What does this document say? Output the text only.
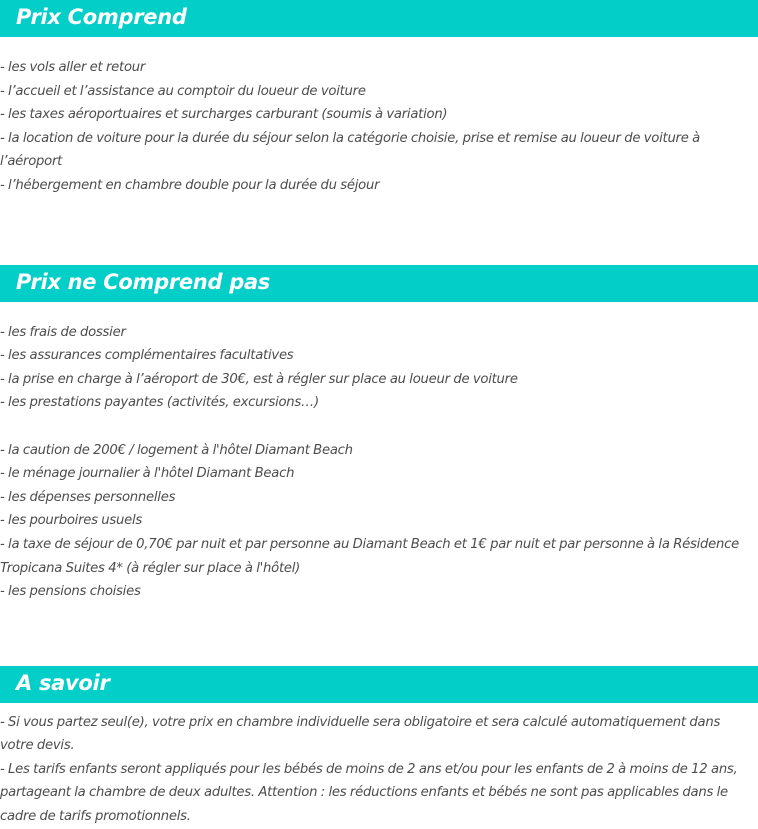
Prix Comprend

- les vols aller et retour

- l’accueil et l’assistance au comptoir du loueur de voiture

- les taxes aéroportuaires et surcharges carburant (soumis à variation)

- la location de voiture pour la durée du séjour selon la catégorie choisie, prise et remise au loueur de voiture à l’aéroport

- l’hébergement en chambre double pour la durée du séjour

Prix ne Comprend pas

- les frais de dossier

- les assurances complémentaires facultatives

- la prise en charge à l’aéroport de 30€, est à régler sur place au loueur de voiture

- les prestations payantes (activités, excursions…)

- la caution de 200€ / logement à l'hôtel Diamant Beach

- le ménage journalier à l'hôtel Diamant Beach

- les dépenses personnelles

- les pourboires usuels

- la taxe de séjour de 0,70€ par nuit et par personne au Diamant Beach et 1€ par nuit et par personne à la Résidence Tropicana Suites 4* (à régler sur place à l'hôtel)

- les pensions choisies

A savoir

- Si vous partez seul(e), votre prix en chambre individuelle sera obligatoire et sera calculé automatiquement dans votre devis.

- Les tarifs enfants seront appliqués pour les bébés de moins de 2 ans et/ou pour les enfants de 2 à moins de 12 ans, partageant la chambre de deux adultes. Attention : les réductions enfants et bébés ne sont pas applicables dans le cadre de tarifs promotionnels.
